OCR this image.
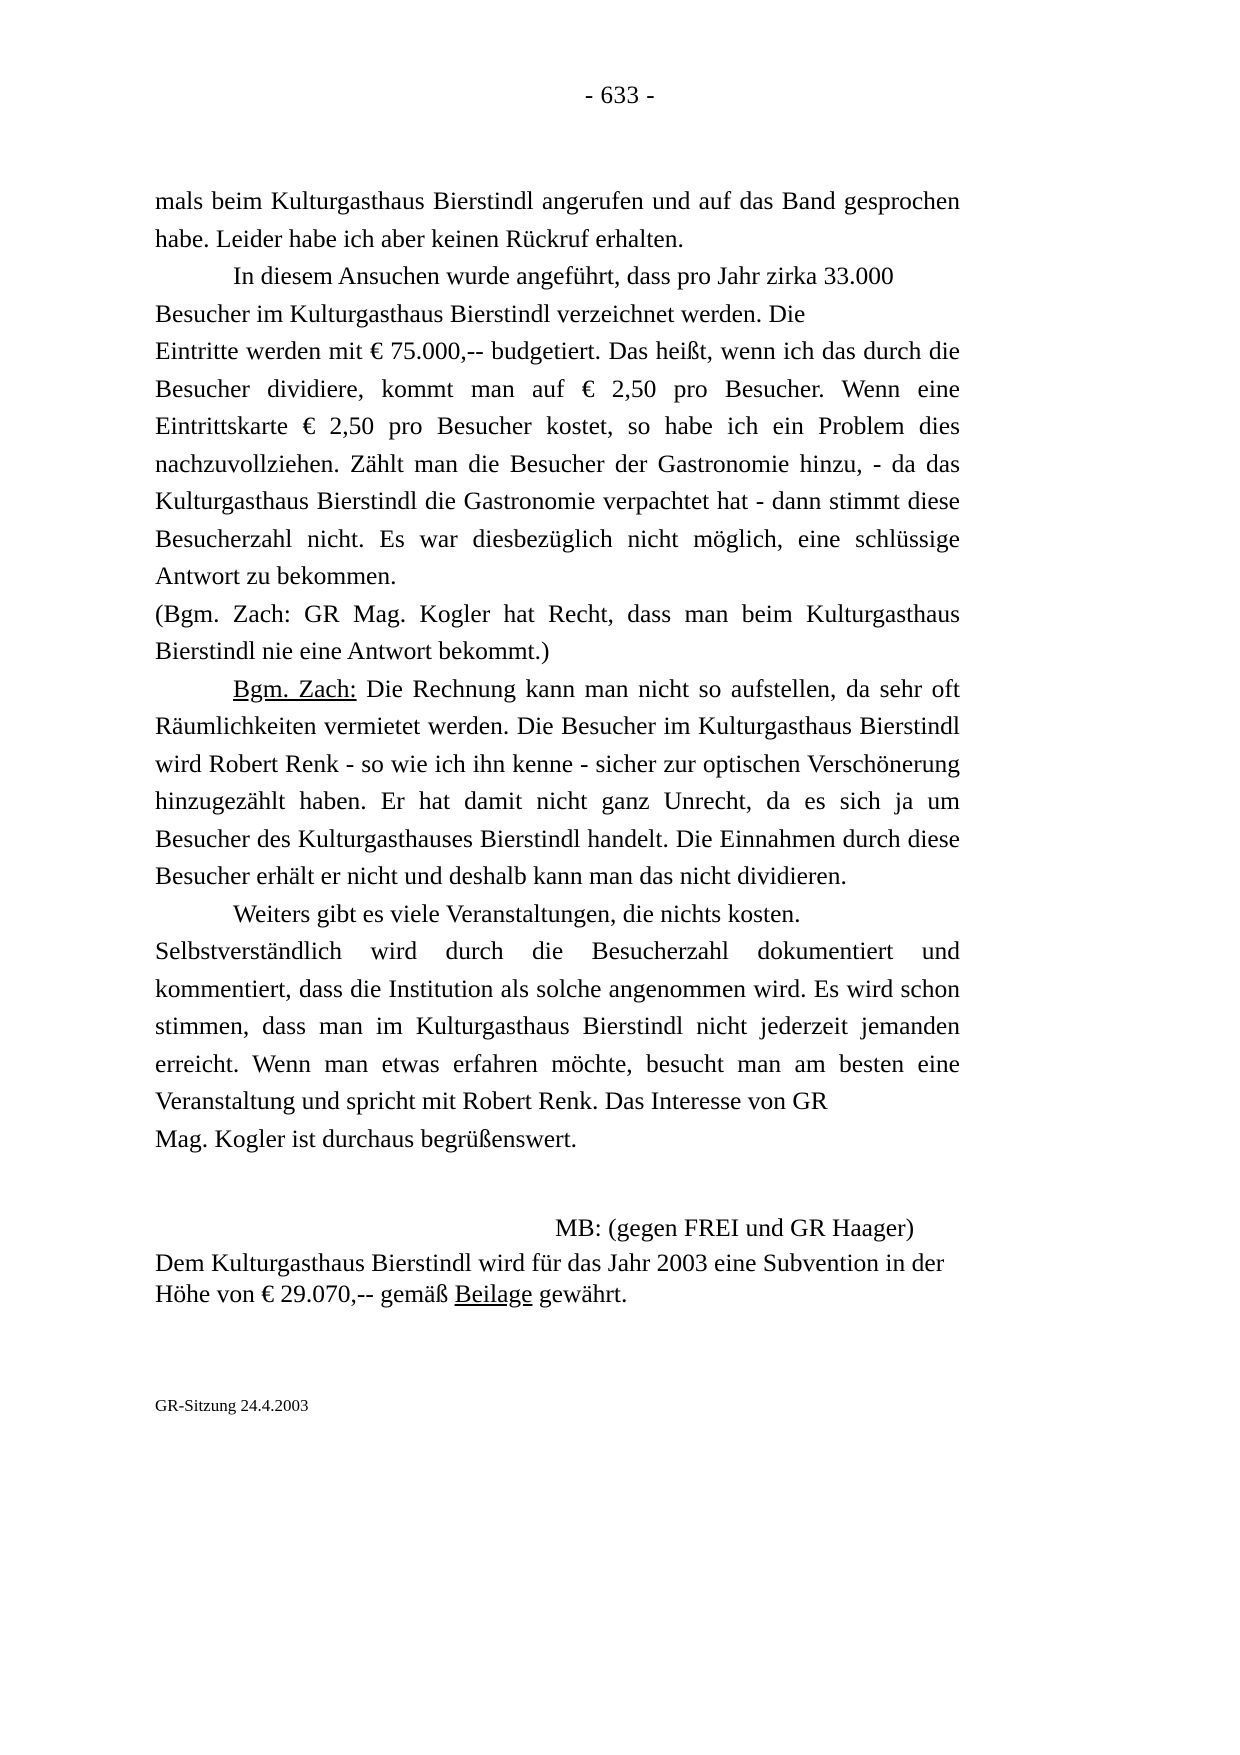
- 633 -

mals beim Kulturgasthaus Bierstindl angerufen und auf das Band gesprochen habe. Leider habe ich aber keinen Rückruf erhalten.

In diesem Ansuchen wurde angeführt, dass pro Jahr zirka 33.000 Besucher im Kulturgasthaus Bierstindl verzeichnet werden. Die

Eintritte werden mit € 75.000,-- budgetiert. Das heißt, wenn ich das durch die Besucher dividiere, kommt man auf € 2,50 pro Besucher. Wenn eine Eintrittskarte € 2,50 pro Besucher kostet, so habe ich ein Problem dies nachzuvollziehen. Zählt man die Besucher der Gastronomie hinzu, - da das Kulturgasthaus Bierstindl die Gastronomie verpachtet hat - dann stimmt diese Besucherzahl nicht. Es war diesbezüglich nicht möglich, eine schlüssige Antwort zu bekommen.

(Bgm. Zach: GR Mag. Kogler hat Recht, dass man beim Kulturgasthaus Bierstindl nie eine Antwort bekommt.)

Bgm. Zach: Die Rechnung kann man nicht so aufstellen, da sehr oft Räumlichkeiten vermietet werden. Die Besucher im Kulturgasthaus Bierstindl wird Robert Renk - so wie ich ihn kenne - sicher zur optischen Verschönerung hinzugezählt haben. Er hat damit nicht ganz Unrecht, da es sich ja um Besucher des Kulturgasthauses Bierstindl handelt. Die Einnahmen durch diese Besucher erhält er nicht und deshalb kann man das nicht dividieren.

Weiters gibt es viele Veranstaltungen, die nichts kosten.

Selbstverständlich wird durch die Besucherzahl dokumentiert und kommentiert, dass die Institution als solche angenommen wird. Es wird schon stimmen, dass man im Kulturgasthaus Bierstindl nicht jederzeit jemanden erreicht. Wenn man etwas erfahren möchte, besucht man am besten eine Veranstaltung und spricht mit Robert Renk. Das Interesse von GR

Mag. Kogler ist durchaus begrüßenswert.

MB: (gegen FREI und GR Haager)

Dem Kulturgasthaus Bierstindl wird für das Jahr 2003 eine Subvention in der Höhe von € 29.070,-- gemäß Beilage gewährt.

GR-Sitzung 24.4.2003
